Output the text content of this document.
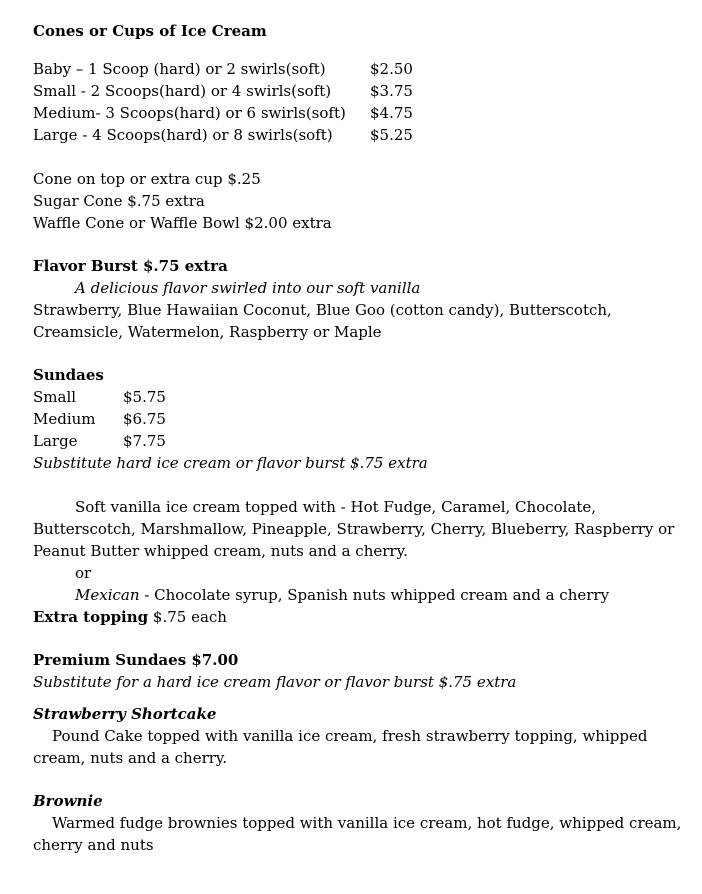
Cones or Cups of Ice Cream
Baby – 1 Scoop (hard) or 2 swirls(soft)	$2.50
Small - 2 Scoops(hard) or 4 swirls(soft)	$3.75
Medium- 3 Scoops(hard) or 6 swirls(soft) $4.75
Large - 4 Scoops(hard) or 8 swirls(soft) $5.25
Cone on top or extra cup $.25
Sugar Cone $.75 extra
Waffle Cone or Waffle Bowl $2.00 extra
Flavor Burst $.75 extra
A delicious flavor swirled into our soft vanilla
Strawberry, Blue Hawaiian Coconut, Blue Goo (cotton candy), Butterscotch,
Creamsicle, Watermelon, Raspberry or Maple
Sundaes
Small	$5.75
Medium $6.75
Large	$7.75
Substitute hard ice cream or flavor burst $.75 extra
Soft vanilla ice cream topped with - Hot Fudge, Caramel, Chocolate,
Butterscotch, Marshmallow, Pineapple, Strawberry, Cherry, Blueberry, Raspberry or
Peanut Butter whipped cream, nuts and a cherry.
or
Mexican - Chocolate syrup, Spanish nuts whipped cream and a cherry
Extra topping $.75 each
Premium Sundaes $7.00
Substitute for a hard ice cream flavor or flavor burst $.75 extra
Strawberry Shortcake
Pound Cake topped with vanilla ice cream, fresh strawberry topping, whipped
cream, nuts and a cherry.
Brownie
Warmed fudge brownies topped with vanilla ice cream, hot fudge, whipped cream,
cherry and nuts
